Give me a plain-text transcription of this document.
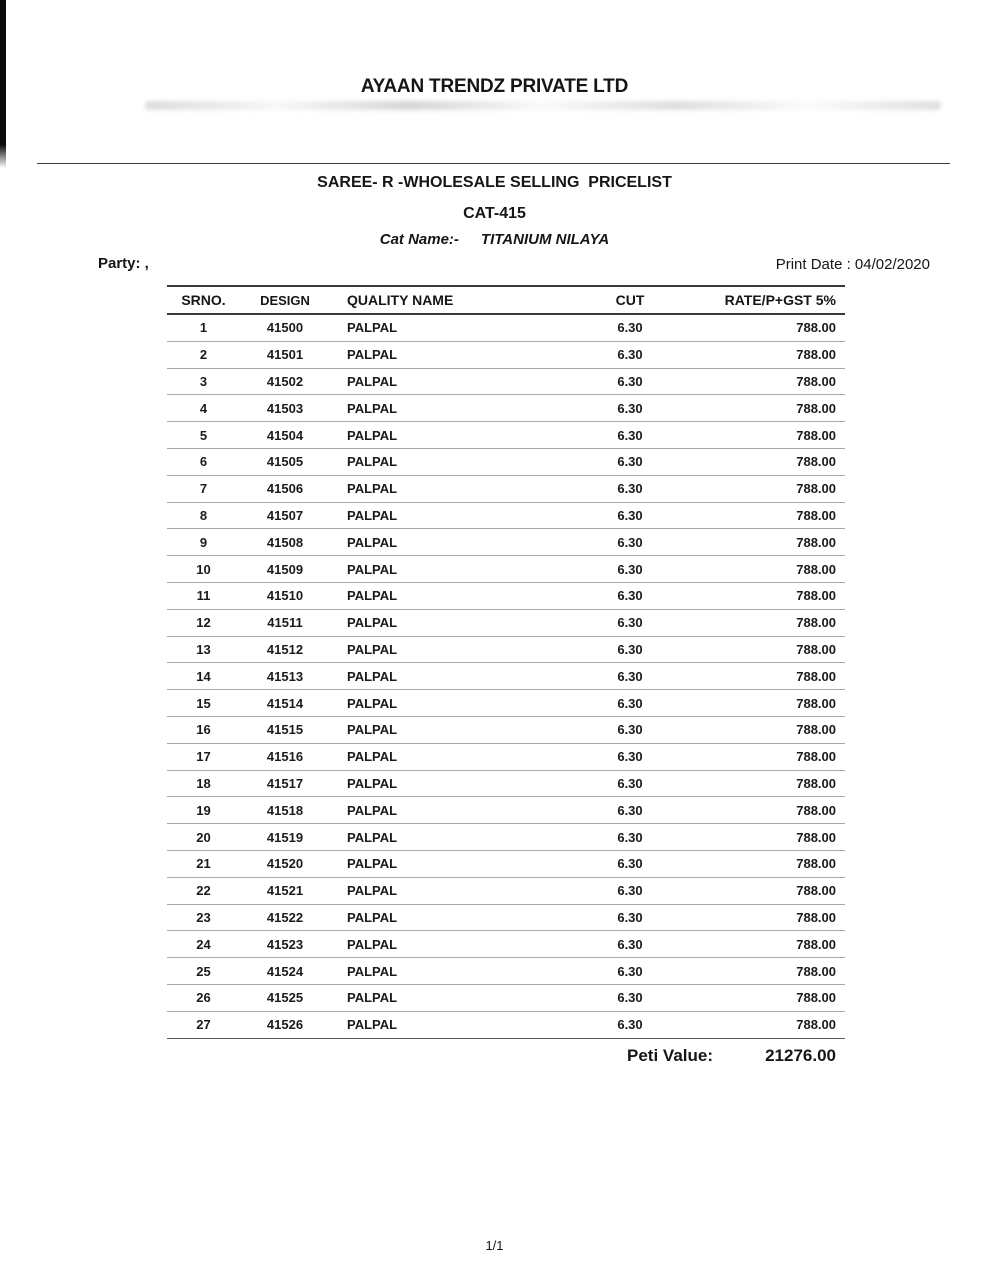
AYAAN TRENDZ PRIVATE LTD
SAREE- R -WHOLESALE SELLING  PRICELIST
CAT-415
Cat Name:- TITANIUM NILAYA
Party: ,	Print Date : 04/02/2020
SRNO.	DESIGN	QUALITY NAME	CUT	RATE/P+GST 5%
1	41500	PALPAL	6.30	788.00
2	41501	PALPAL	6.30	788.00
3	41502	PALPAL	6.30	788.00
4	41503	PALPAL	6.30	788.00
5	41504	PALPAL	6.30	788.00
6	41505	PALPAL	6.30	788.00
7	41506	PALPAL	6.30	788.00
8	41507	PALPAL	6.30	788.00
9	41508	PALPAL	6.30	788.00
10	41509	PALPAL	6.30	788.00
11	41510	PALPAL	6.30	788.00
12	41511	PALPAL	6.30	788.00
13	41512	PALPAL	6.30	788.00
14	41513	PALPAL	6.30	788.00
15	41514	PALPAL	6.30	788.00
16	41515	PALPAL	6.30	788.00
17	41516	PALPAL	6.30	788.00
18	41517	PALPAL	6.30	788.00
19	41518	PALPAL	6.30	788.00
20	41519	PALPAL	6.30	788.00
21	41520	PALPAL	6.30	788.00
22	41521	PALPAL	6.30	788.00
23	41522	PALPAL	6.30	788.00
24	41523	PALPAL	6.30	788.00
25	41524	PALPAL	6.30	788.00
26	41525	PALPAL	6.30	788.00
27	41526	PALPAL	6.30	788.00
Peti Value:	21276.00
1/1
